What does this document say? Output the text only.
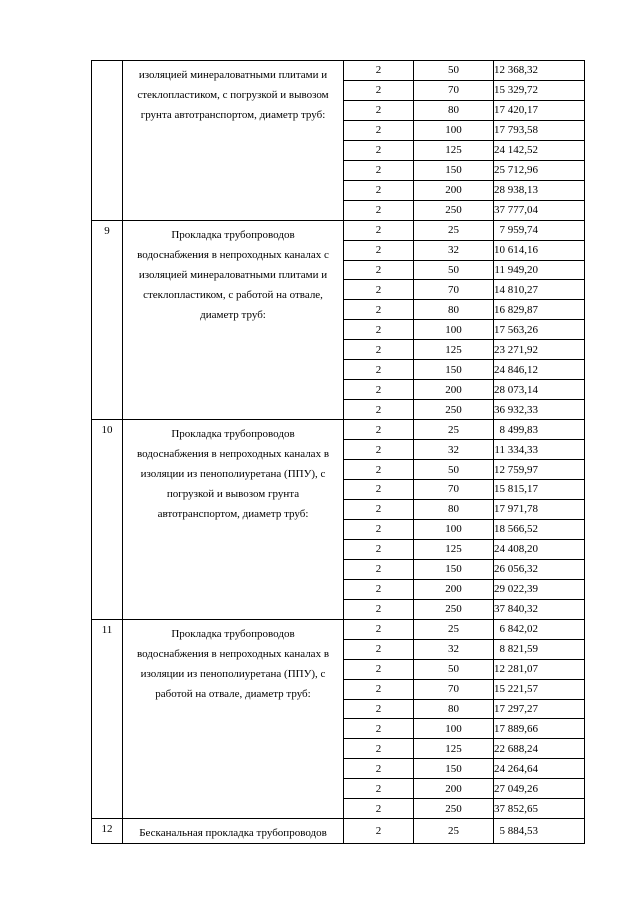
	изоляцией минераловатными плитами и
стеклопластиком, с погрузкой и вывозом
грунта автотранспортом, диаметр труб:	2	50	12 368,32
		2	70	15 329,72
		2	80	17 420,17
		2	100	17 793,58
		2	125	24 142,52
		2	150	25 712,96
		2	200	28 938,13
		2	250	37 777,04
9	Прокладка трубопроводов
водоснабжения в непроходных каналах с
изоляцией минераловатными плитами и
стеклопластиком, с работой на отвале,
диаметр труб:	2	25	7 959,74
		2	32	10 614,16
		2	50	11 949,20
		2	70	14 810,27
		2	80	16 829,87
		2	100	17 563,26
		2	125	23 271,92
		2	150	24 846,12
		2	200	28 073,14
		2	250	36 932,33
10	Прокладка трубопроводов
водоснабжения в непроходных каналах в
изоляции из пенополиуретана (ППУ), с
погрузкой и вывозом грунта
автотранспортом, диаметр труб:	2	25	8 499,83
		2	32	11 334,33
		2	50	12 759,97
		2	70	15 815,17
		2	80	17 971,78
		2	100	18 566,52
		2	125	24 408,20
		2	150	26 056,32
		2	200	29 022,39
		2	250	37 840,32
11	Прокладка трубопроводов
водоснабжения в непроходных каналах в
изоляции из пенополиуретана (ППУ), с
работой на отвале, диаметр труб:	2	25	6 842,02
		2	32	8 821,59
		2	50	12 281,07
		2	70	15 221,57
		2	80	17 297,27
		2	100	17 889,66
		2	125	22 688,24
		2	150	24 264,64
		2	200	27 049,26
		2	250	37 852,65
12	Бесканальная прокладка трубопроводов	2	25	5 884,53
